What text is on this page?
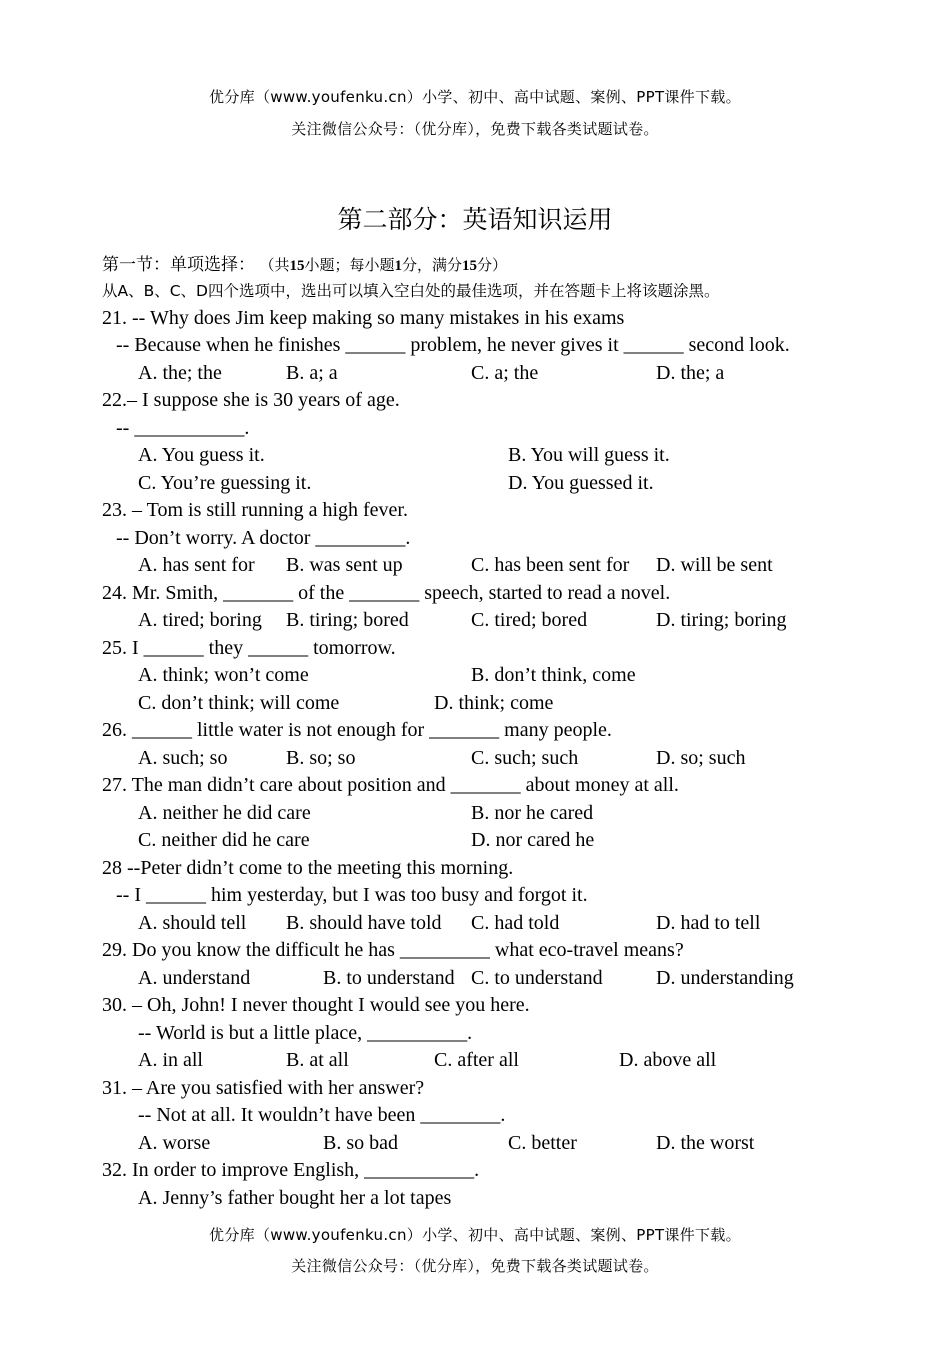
优分库（www.youfenku.cn）小学、初中、高中试题、案例、PPT课件下载。
关注微信公众号：（优分库），免费下载各类试题试卷。
第二部分：英语知识运用
第一节：单项选择： （共15小题；每小题1分，满分15分）
从A、B、C、D四个选项中，选出可以填入空白处的最佳选项，并在答题卡上将该题涂黑。
21. -- Why does Jim keep making so many mistakes in his exams
-- Because when he finishes ______ problem, he never gives it ______ second look.
A. the; the	B. a; a	C. a; the	D. the; a
22.– I suppose she is 30 years of age.
-- ___________.
A. You guess it.	B. You will guess it.
C. You’re guessing it.	D. You guessed it.
23. – Tom is still running a high fever.
-- Don’t worry. A doctor _________.
A. has sent for B. was sent up	C. has been sent for D. will be sent
24. Mr. Smith, _______ of the _______ speech, started to read a novel.
A. tired; boring B. tiring; bored	C. tired; bored	D. tiring; boring
25. I ______ they ______ tomorrow.
A. think; won’t come	B. don’t think, come
C. don’t think; will come	D. think; come
26. ______ little water is not enough for _______ many people.
A. such; so	B. so; so	C. such; such	D. so; such
27. The man didn’t care about position and _______ about money at all.
A. neither he did care	B. nor he cared
C. neither did he care	D. nor cared he
28 --Peter didn’t come to the meeting this morning.
-- I ______ him yesterday, but I was too busy and forgot it.
A. should tell B. should have told C. had told	D. had to tell
29. Do you know the difficult he has _________ what eco-travel means?
A. understand	B. to understand C. to understand	D. understanding
30. – Oh, John! I never thought I would see you here.
-- World is but a little place, __________.
A. in all	B. at all	C. after all	D. above all
31. – Are you satisfied with her answer?
-- Not at all. It wouldn’t have been ________.
A. worse	B. so bad	C. better	D. the worst
32. In order to improve English, ___________.
A. Jenny’s father bought her a lot tapes
优分库（www.youfenku.cn）小学、初中、高中试题、案例、PPT课件下载。
关注微信公众号：（优分库），免费下载各类试题试卷。
